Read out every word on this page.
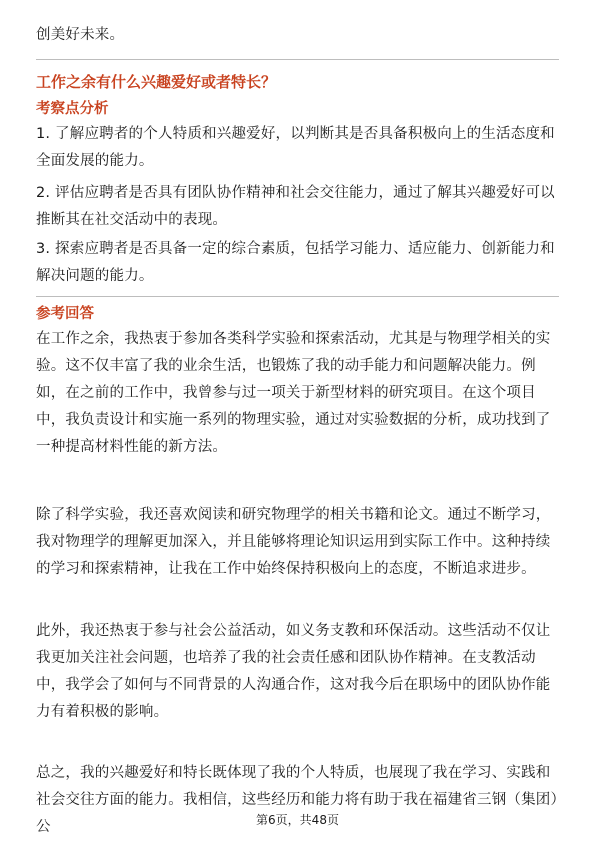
创美好未来。

工作之余有什么兴趣爱好或者特长？
考察点分析

1. 了解应聘者的个人特质和兴趣爱好，以判断其是否具备积极向上的生活态度和全面发展的能力。

2. 评估应聘者是否具有团队协作精神和社会交往能力，通过了解其兴趣爱好可以推断其在社交活动中的表现。

3. 探索应聘者是否具备一定的综合素质，包括学习能力、适应能力、创新能力和解决问题的能力。

参考回答

在工作之余，我热衷于参加各类科学实验和探索活动，尤其是与物理学相关的实验。这不仅丰富了我的业余生活，也锻炼了我的动手能力和问题解决能力。例如，在之前的工作中，我曾参与过一项关于新型材料的研究项目。在这个项目中，我负责设计和实施一系列的物理实验，通过对实验数据的分析，成功找到了一种提高材料性能的新方法。

除了科学实验，我还喜欢阅读和研究物理学的相关书籍和论文。通过不断学习，我对物理学的理解更加深入，并且能够将理论知识运用到实际工作中。这种持续的学习和探索精神，让我在工作中始终保持积极向上的态度，不断追求进步。

此外，我还热衷于参与社会公益活动，如义务支教和环保活动。这些活动不仅让我更加关注社会问题，也培养了我的社会责任感和团队协作精神。在支教活动中，我学会了如何与不同背景的人沟通合作，这对我今后在职场中的团队协作能力有着积极的影响。

总之，我的兴趣爱好和特长既体现了我的个人特质，也展现了我在学习、实践和社会交往方面的能力。我相信，这些经历和能力将有助于我在福建省三钢（集团）公	第6页，共48页
